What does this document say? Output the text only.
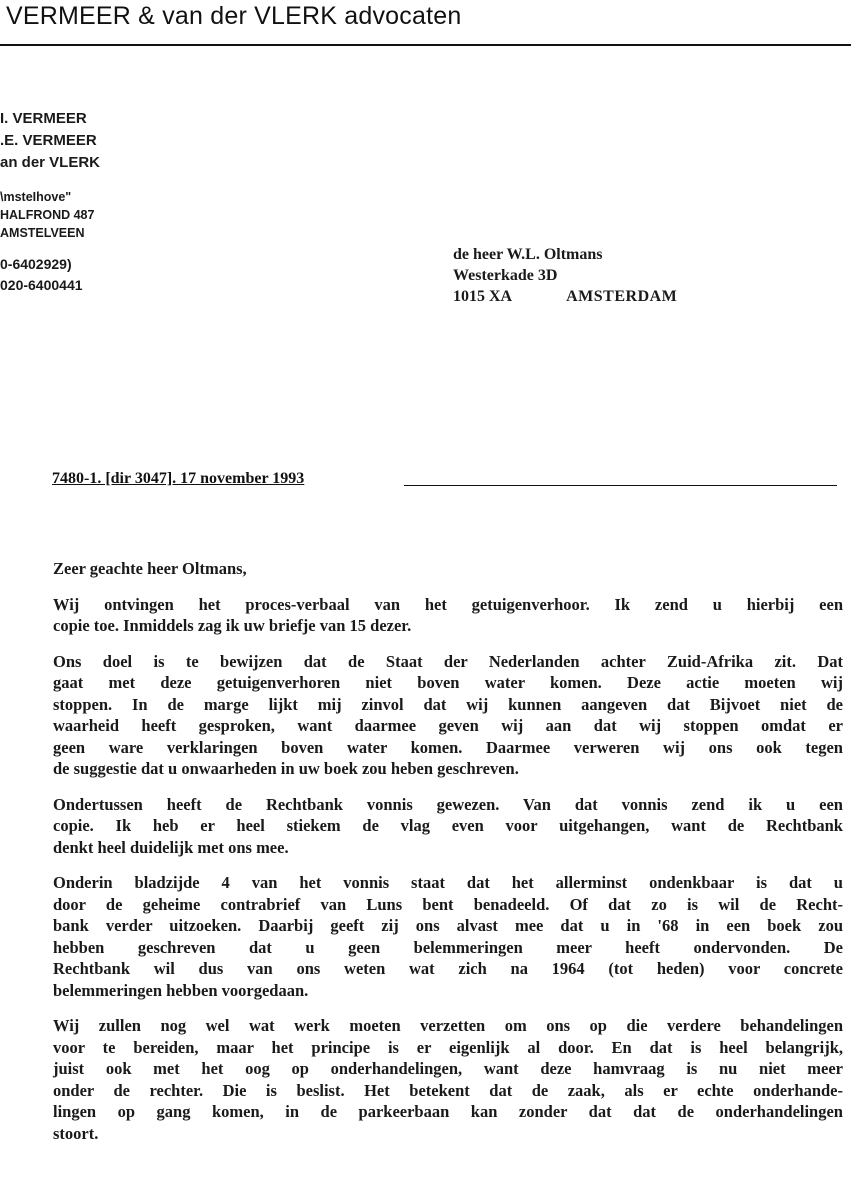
VERMEER & van der VLERK advocaten
I. VERMEER
.E. VERMEER
an der VLERK
\msteIhove"
HALFROND 487
AMSTELVEEN
0-6402929)
020-6400441
de heer W.L. Oltmans
Westerkade 3D
1015 XA	AMSTERDAM
7480-1. [dir 3047]. 17 november 1993

Zeer geachte heer Oltmans,

Wij ontvingen het proces-verbaal van het getuigenverhoor. Ik zend u hierbij een
copie toe. Inmiddels zag ik uw briefje van 15 dezer.

Ons doel is te bewijzen dat de Staat der Nederlanden achter Zuid-Afrika zit. Dat
gaat met deze getuigenverhoren niet boven water komen. Deze actie moeten wij
stoppen. In de marge lijkt mij zinvol dat wij kunnen aangeven dat Bijvoet niet de
waarheid heeft gesproken, want daarmee geven wij aan dat wij stoppen omdat er
geen ware verklaringen boven water komen. Daarmee verweren wij ons ook tegen
de suggestie dat u onwaarheden in uw boek zou heben geschreven.

Ondertussen heeft de Rechtbank vonnis gewezen. Van dat vonnis zend ik u een
copie. Ik heb er heel stiekem de vlag even voor uitgehangen, want de Rechtbank
denkt heel duidelijk met ons mee.

Onderin bladzijde 4 van het vonnis staat dat het allerminst ondenkbaar is dat u
door de geheime contrabrief van Luns bent benadeeld. Of dat zo is wil de Recht-
bank verder uitzoeken. Daarbij geeft zij ons alvast mee dat u in '68 in een boek zou
hebben geschreven dat u geen belemmeringen meer heeft ondervonden. De
Rechtbank wil dus van ons weten wat zich na 1964 (tot heden) voor concrete
belemmeringen hebben voorgedaan.

Wij zullen nog wel wat werk moeten verzetten om ons op die verdere behandelingen
voor te bereiden, maar het principe is er eigenlijk al door. En dat is heel belangrijk,
juist ook met het oog op onderhandelingen, want deze hamvraag is nu niet meer
onder de rechter. Die is beslist. Het betekent dat de zaak, als er echte onderhande-
lingen op gang komen, in de parkeerbaan kan zonder dat dat de onderhandelingen
stoort.
